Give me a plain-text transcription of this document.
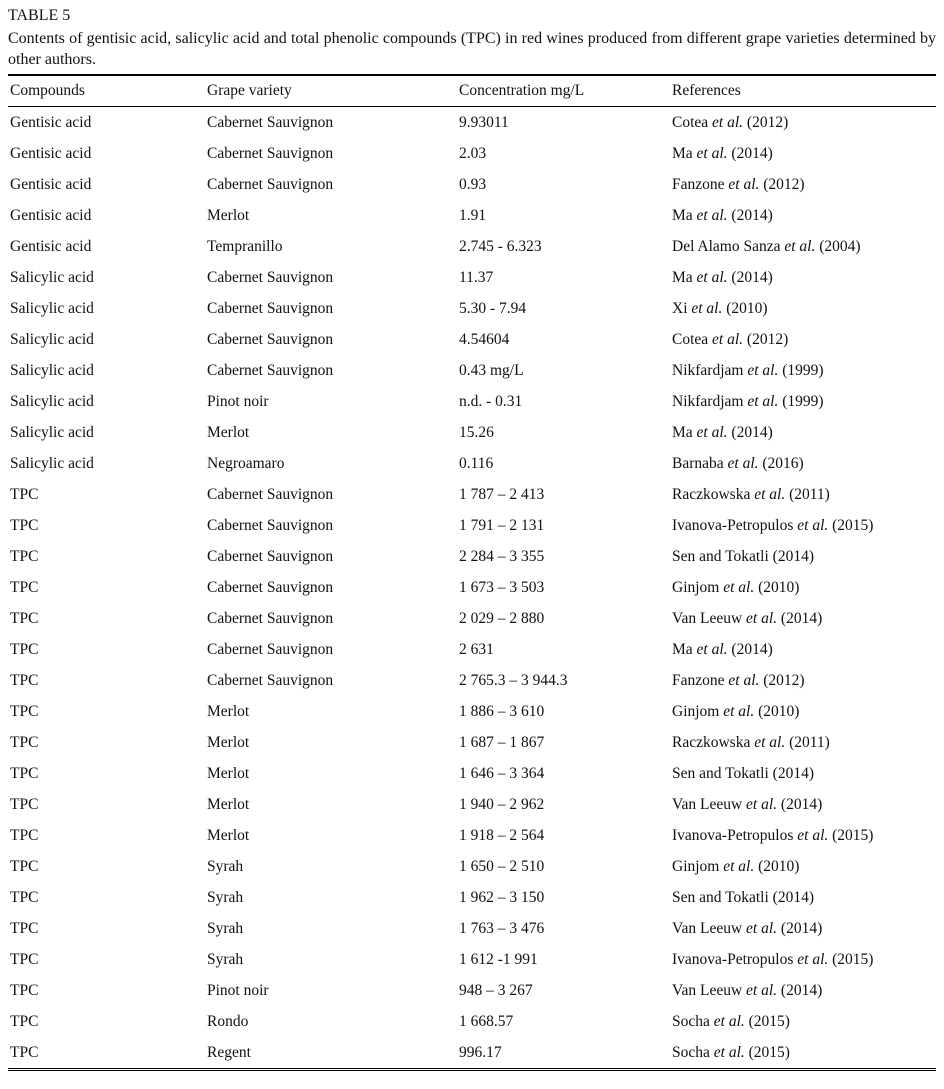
TABLE 5

Contents of gentisic acid, salicylic acid and total phenolic compounds (TPC) in red wines produced from different grape varieties determined by other authors.

Compounds	Grape variety	Concentration mg/L	References
Gentisic acid	Cabernet Sauvignon	9.93011	Cotea et al. (2012)
Gentisic acid	Cabernet Sauvignon	2.03	Ma et al. (2014)
Gentisic acid	Cabernet Sauvignon	0.93	Fanzone et al. (2012)
Gentisic acid	Merlot	1.91	Ma et al. (2014)
Gentisic acid	Tempranillo	2.745 - 6.323	Del Alamo Sanza et al. (2004)
Salicylic acid	Cabernet Sauvignon	11.37	Ma et al. (2014)
Salicylic acid	Cabernet Sauvignon	5.30 - 7.94	Xi et al. (2010)
Salicylic acid	Cabernet Sauvignon	4.54604	Cotea et al. (2012)
Salicylic acid	Cabernet Sauvignon	0.43 mg/L	Nikfardjam et al. (1999)
Salicylic acid	Pinot noir	n.d. - 0.31	Nikfardjam et al. (1999)
Salicylic acid	Merlot	15.26	Ma et al. (2014)
Salicylic acid	Negroamaro	0.116	Barnaba et al. (2016)
TPC	Cabernet Sauvignon	1 787 – 2 413	Raczkowska et al. (2011)
TPC	Cabernet Sauvignon	1 791 – 2 131	Ivanova-Petropulos et al. (2015)
TPC	Cabernet Sauvignon	2 284 – 3 355	Sen and Tokatli (2014)
TPC	Cabernet Sauvignon	1 673 – 3 503	Ginjom et al. (2010)
TPC	Cabernet Sauvignon	2 029 – 2 880	Van Leeuw et al. (2014)
TPC	Cabernet Sauvignon	2 631	Ma et al. (2014)
TPC	Cabernet Sauvignon	2 765.3 – 3 944.3	Fanzone et al. (2012)
TPC	Merlot	1 886 – 3 610	Ginjom et al. (2010)
TPC	Merlot	1 687 – 1 867	Raczkowska et al. (2011)
TPC	Merlot	1 646 – 3 364	Sen and Tokatli (2014)
TPC	Merlot	1 940 – 2 962	Van Leeuw et al. (2014)
TPC	Merlot	1 918 – 2 564	Ivanova-Petropulos et al. (2015)
TPC	Syrah	1 650 – 2 510	Ginjom et al. (2010)
TPC	Syrah	1 962 – 3 150	Sen and Tokatli (2014)
TPC	Syrah	1 763 – 3 476	Van Leeuw et al. (2014)
TPC	Syrah	1 612 -1 991	Ivanova-Petropulos et al. (2015)
TPC	Pinot noir	948 – 3 267	Van Leeuw et al. (2014)
TPC	Rondo	1 668.57	Socha et al. (2015)
TPC	Regent	996.17	Socha et al. (2015)
